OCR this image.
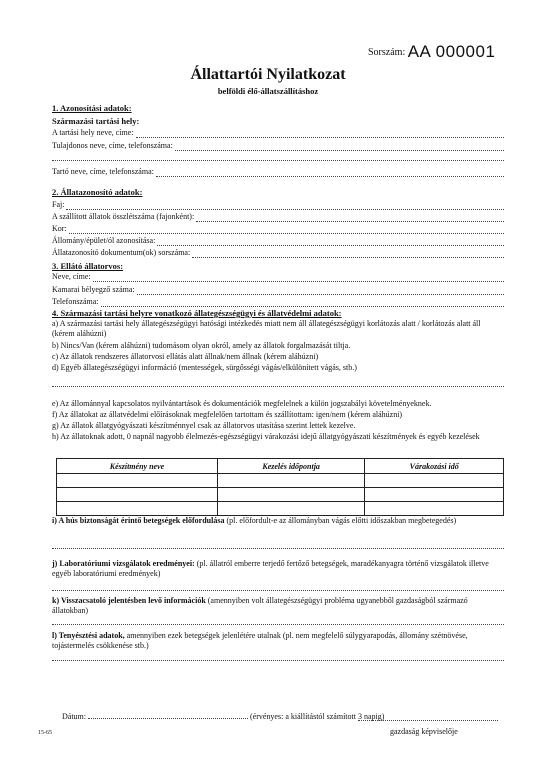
Sorszám: AA 000001
Állattartói Nyilatkozat
belföldi élő-állatszállításhoz
1. Azonosítási adatok:
Származási tartási hely:
A tartási hely neve, címe:
Tulajdonos neve, címe, telefonszáma:
Tartó neve, címe, telefonszáma:
2. Állatazonosító adatok:
Faj:
A szállított állatok összlétszáma (fajonként):
Kor:
Állomány/épület/ól azonosítása:
Állatazonosító dokumentum(ok) sorszáma:
3. Ellátó állatorvos:
Neve, címe:
Kamarai bélyegző száma:
Telefonszáma:
4. Származási tartási helyre vonatkozó állategészségügyi és állatvédelmi adatok:
a) A származási tartási hely állategészségügyi hatósági intézkedés miatt nem áll állategészségügyi korlátozás alatt / korlátozás alatt áll (kérem aláhúzni)
b) Nincs/Van (kérem aláhúzni) tudomásom olyan okról, amely az állatok forgalmazását tiltja.
c) Az állatok rendszeres állatorvosi ellátás alatt állnak/nem állnak (kérem aláhúzni)
d) Egyéb állategészségügyi információ (mentességek, sürgősségi vágás/elkülönített vágás, stb.)
e) Az állománnyal kapcsolatos nyilvántartások és dokumentációk megfelelnek a külön jogszabályi követelményeknek.
f) Az állatokat az állatvédelmi előírásoknak megfelelően tartottam és szállítottam: igen/nem (kérem aláhúzni)
g) Az állatok állatgyógyászati készítménnyel csak az állatorvos utasítása szerint lettek kezelve.
h) Az állatoknak adott, 0 napnál nagyobb élelmezés-egészségügyi várakozási idejű állatgyógyászati készítmények és egyéb kezelések
Készítmény neve	Kezelés időpontja	Várakozási idő

i) A hús biztonságát érintő betegségek előfordulása (pl. előfordult-e az állományban vágás előtti időszakban megbetegedés)
j) Laboratóriumi vizsgálatok eredményei: (pl. állatról emberre terjedő fertőző betegségek, maradékanyagra történő vizsgálatok illetve egyéb laboratóriumi eredmények)
k) Visszacsatoló jelentésben levő információk (amennyiben volt állategészségügyi probléma ugyanebből gazdaságból származó állatokban)
l) Tenyésztési adatok, amennyiben ezek betegségek jelenlétére utalnak (pl. nem megfelelő súlygyarapodás, állomány szétnövése, tojástermelés csökkenése stb.)
Dátum:	(érvényes: a kiállítástól számított 3 napig)
gazdaság képviselője
15-65
